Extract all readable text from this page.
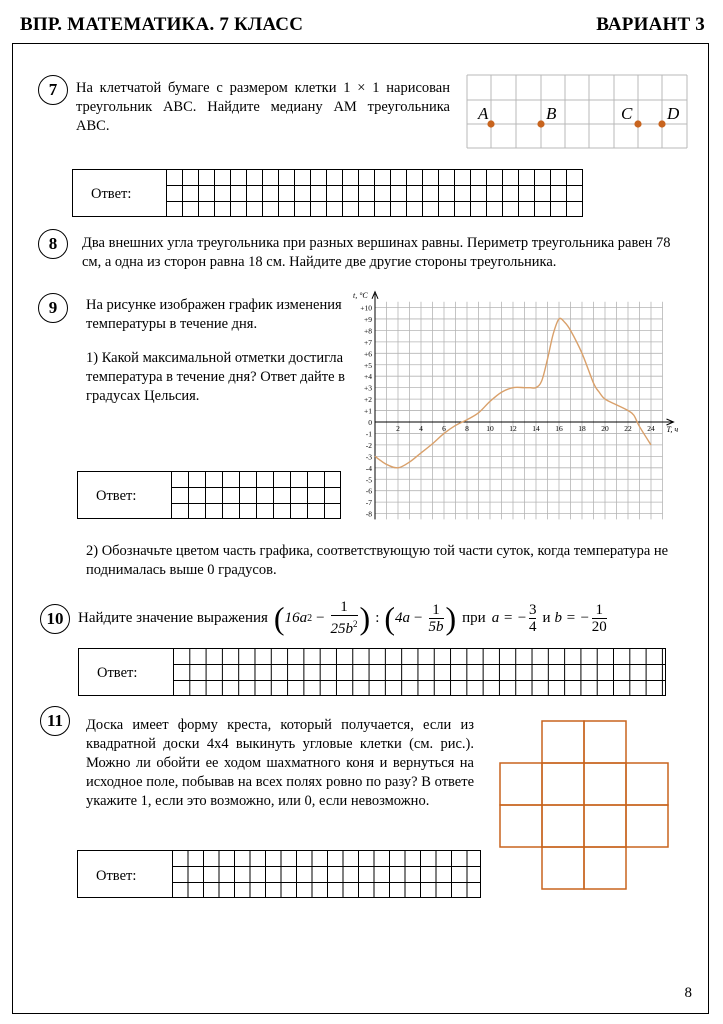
ВПР. МАТЕМАТИКА. 7 КЛАСС	ВАРИАНТ 3
7	На клетчатой бумаге с размером клетки 1 × 1 нарисован треугольник ABC. Найдите медиану AM треугольника ABC.
A	B	C D
Ответ:
8	Два внешних угла треугольника при разных вершинах равны. Периметр треугольника равен 78 см, а одна из сторон равна 18 см. Найдите две другие стороны треугольника.
9	На рисунке изображен график изменения температуры в течение дня.
1) Какой максимальной отметки достигла температура в течение дня? Ответ дайте в градусах Цельсия.
+10
+9
+8
+7
+6
+5
+4
+3
+2
+1
0
-1
-2
-3
-4
-5
-6
-7
-8
2	4	6	8 10 12 14 16 18 20 22 24
t, °C
T, ч
Ответ:
2) Обозначьте цветом часть графика, соответствующую той части суток, когда температура не поднималась выше 0 градусов.
10 Найдите значение выражения ( 16a $2 - \frac{1}{25b^2}$ ) : ( $4a - \frac{1}{5b}$ ) при a = − $\frac{3}{4}$ и b = − $\frac{1}{20}$
Ответ:
11	Доска имеет форму креста, который получается, если из квадратной доски 4х4 выкинуть угловые клетки (см. рис.). Можно ли обойти ее ходом шахматного коня и вернуться на исходное поле, побывав на всех полях ровно по разу? В ответе укажите 1, если это возможно, или 0, если невозможно.
Ответ:
8
